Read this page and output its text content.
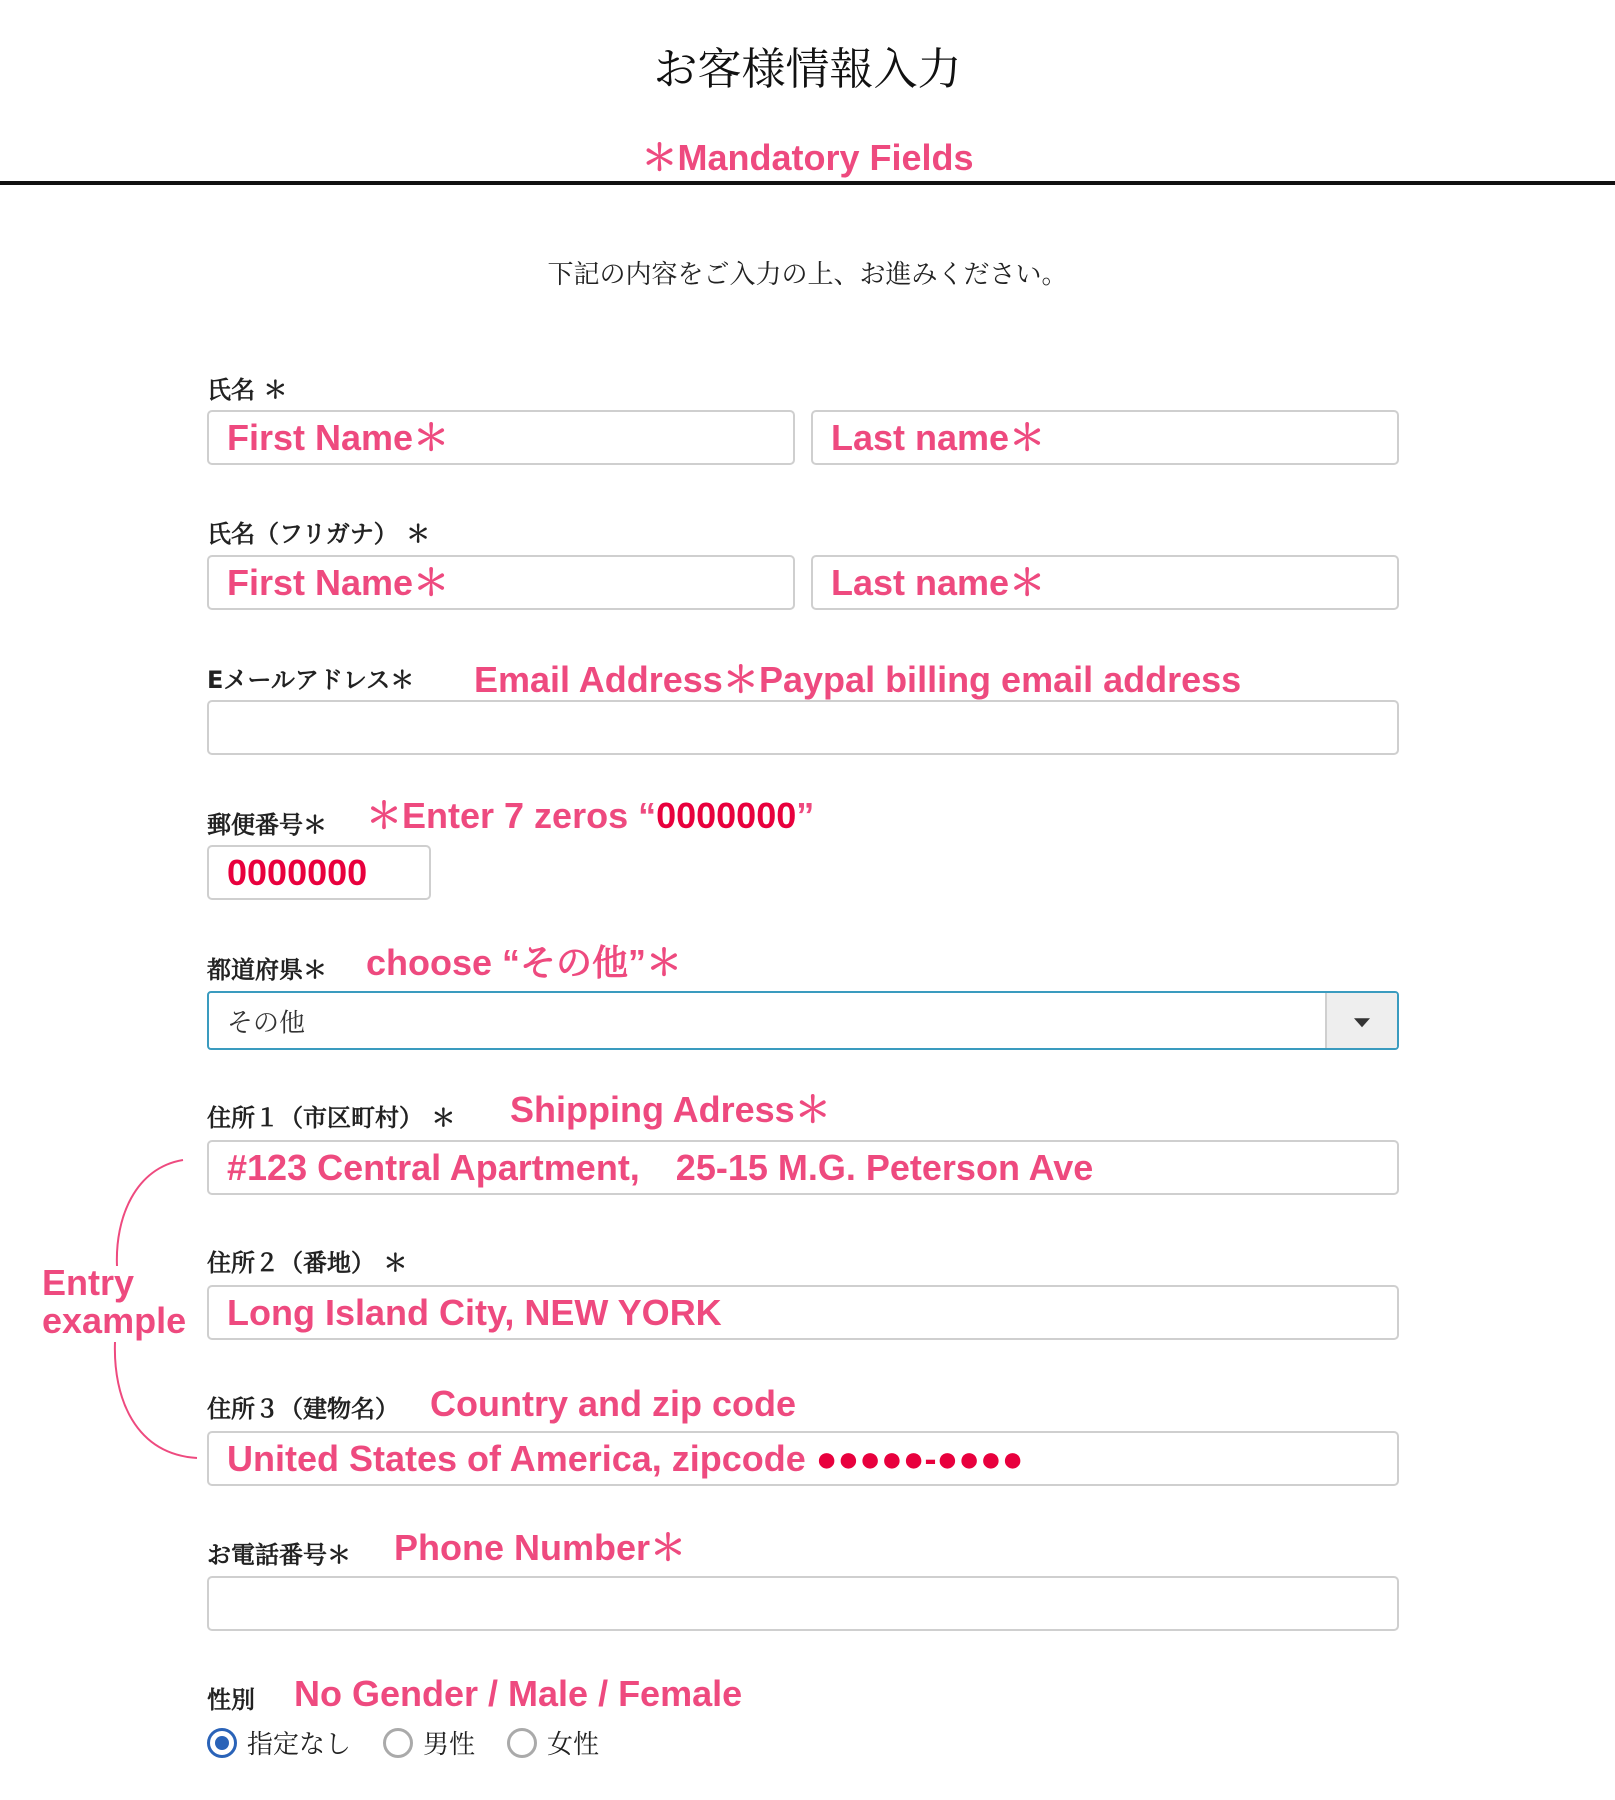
お客様情報入力
＊Mandatory Fields
下記の内容をご入力の上、お進みください。
氏名 ＊
First Name＊	Last name＊
氏名（フリガナ） ＊
First Name＊	Last name＊
Eメールアドレス＊ Email Address＊ Paypal billing email address
郵便番号＊ ＊Enter 7 zeros “0000000”
0000000
都道府県＊ choose “その他”＊
その他
住所１（市区町村） ＊ Shipping Adress＊
#123 Central Apartment,　25-15 M.G. Peterson Ave
住所２（番地） ＊
Long Island City, NEW YORK
住所３（建物名） Country and zip code
United States of America, zipcode ●●●●●-●●●●
Entry
example
お電話番号＊ Phone Number＊
性別 No Gender / Male / Female
指定なし	男性	女性
